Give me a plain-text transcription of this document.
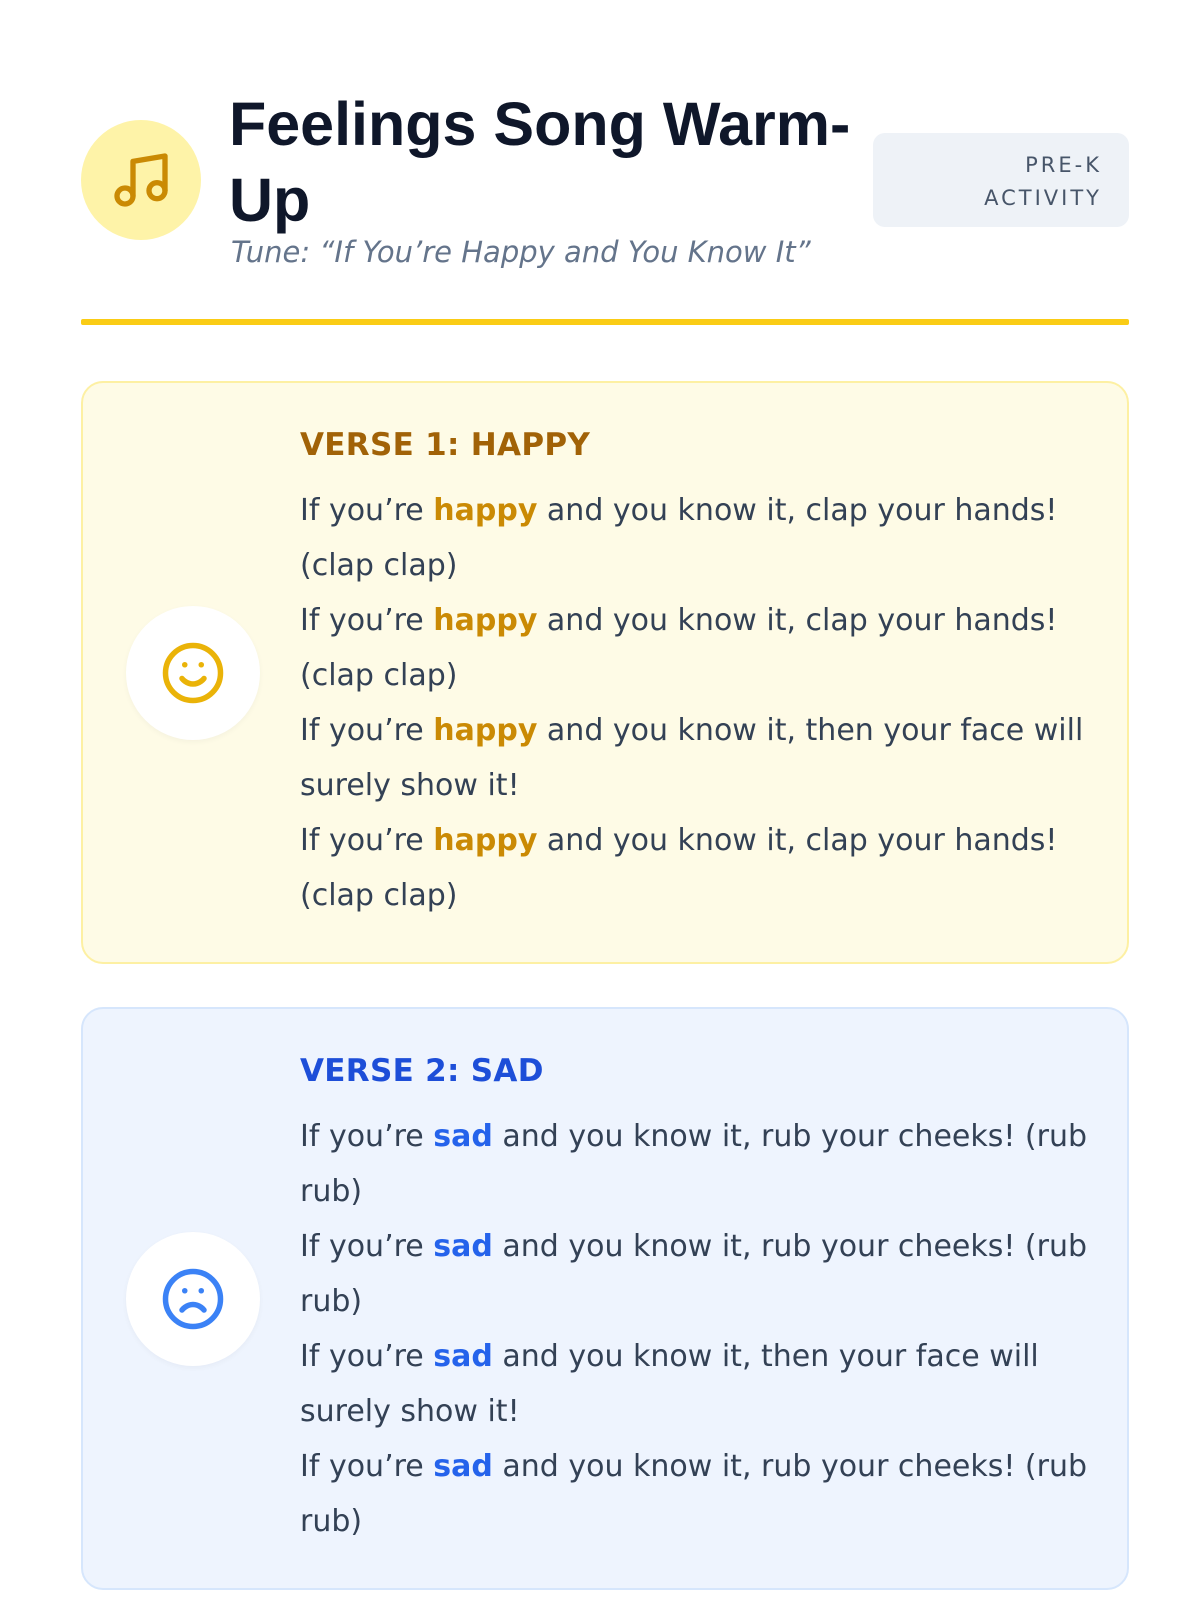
Feelings Song Warm-Up
Tune: “If You’re Happy and You Know It”
PRE-K
ACTIVITY
VERSE 1: HAPPY

If you’re happy and you know it, clap your hands! (clap clap)

If you’re happy and you know it, clap your hands! (clap clap)

If you’re happy and you know it, then your face will surely show it!

If you’re happy and you know it, clap your hands! (clap clap)

VERSE 2: SAD

If you’re sad and you know it, rub your cheeks! (rub rub)

If you’re sad and you know it, rub your cheeks! (rub rub)

If you’re sad and you know it, then your face will surely show it!

If you’re sad and you know it, rub your cheeks! (rub rub)
